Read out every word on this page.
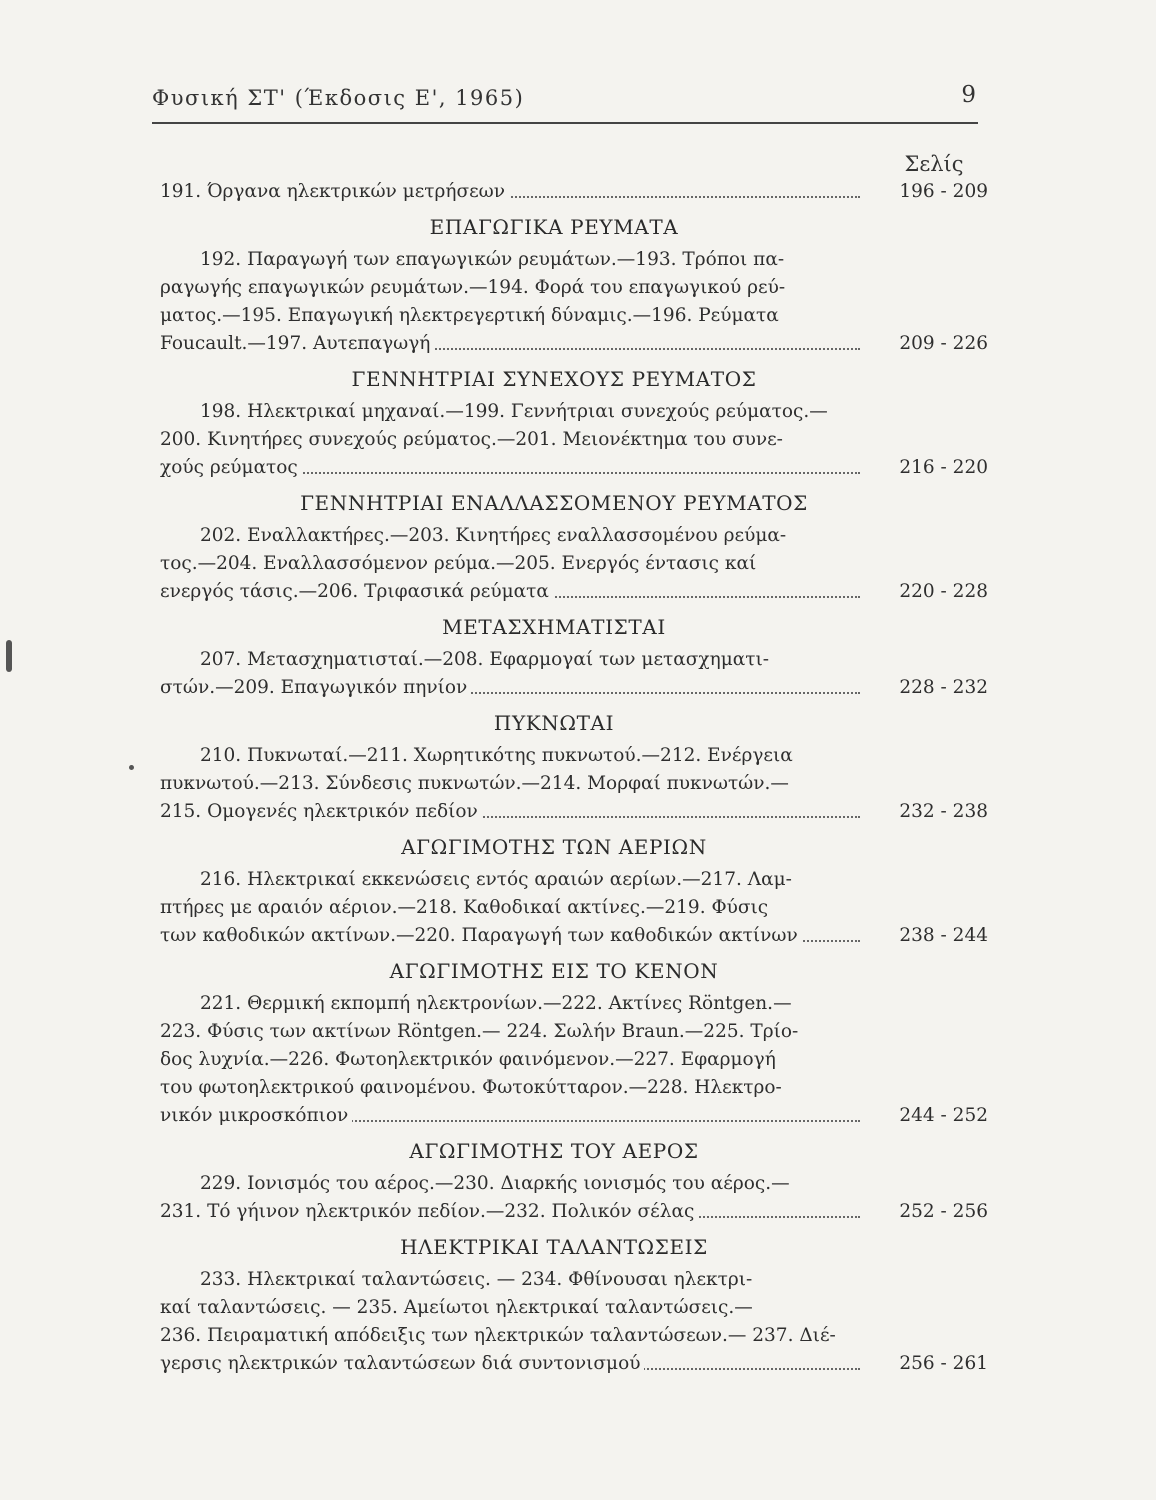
Φυσική ΣΤ' (Έκδοσις Ε', 1965)	9
Σελίς
191. Όργανα ηλεκτρικών μετρήσεων	196 - 209
ΕΠΑΓΩΓΙΚΑ ΡΕΥΜΑΤΑ
192. Παραγωγή των επαγωγικών ρευμάτων.—193. Τρόποι πα-
ραγωγής επαγωγικών ρευμάτων.—194. Φορά του επαγωγικού ρεύ-
ματος.—195. Επαγωγική ηλεκτρεγερτική δύναμις.—196. Ρεύματα
Foucault.—197. Αυτεπαγωγή	209 - 226
ΓΕΝΝΗΤΡΙΑΙ ΣΥΝΕΧΟΥΣ ΡΕΥΜΑΤΟΣ
198. Ηλεκτρικαί μηχαναί.—199. Γεννήτριαι συνεχούς ρεύματος.—
200. Κινητήρες συνεχούς ρεύματος.—201. Μειονέκτημα του συνε-
χούς ρεύματος	216 - 220
ΓΕΝΝΗΤΡΙΑΙ ΕΝΑΛΛΑΣΣΟΜΕΝΟΥ ΡΕΥΜΑΤΟΣ
202. Εναλλακτήρες.—203. Κινητήρες εναλλασσομένου ρεύμα-
τος.—204. Εναλλασσόμενον ρεύμα.—205. Ενεργός έντασις καί
ενεργός τάσις.—206. Τριφασικά ρεύματα	220 - 228
ΜΕΤΑΣΧΗΜΑΤΙΣΤΑΙ
207. Μετασχηματισταί.—208. Εφαρμογαί των μετασχηματι-
στών.—209. Επαγωγικόν πηνίον	228 - 232
ΠΥΚΝΩΤΑΙ
210. Πυκνωταί.—211. Χωρητικότης πυκνωτού.—212. Ενέργεια
πυκνωτού.—213. Σύνδεσις πυκνωτών.—214. Μορφαί πυκνωτών.—
215. Ομογενές ηλεκτρικόν πεδίον	232 - 238
ΑΓΩΓΙΜΟΤΗΣ ΤΩΝ ΑΕΡΙΩΝ
216. Ηλεκτρικαί εκκενώσεις εντός αραιών αερίων.—217. Λαμ-
πτήρες με αραιόν αέριον.—218. Καθοδικαί ακτίνες.—219. Φύσις
των καθοδικών ακτίνων.—220. Παραγωγή των καθοδικών ακτίνων	238 - 244
ΑΓΩΓΙΜΟΤΗΣ ΕΙΣ ΤΟ ΚΕΝΟΝ
221. Θερμική εκπομπή ηλεκτρονίων.—222. Ακτίνες Röntgen.—
223. Φύσις των ακτίνων Röntgen.— 224. Σωλήν Braun.—225. Τρίο-
δος λυχνία.—226. Φωτοηλεκτρικόν φαινόμενον.—227. Εφαρμογή
του φωτοηλεκτρικού φαινομένου. Φωτοκύτταρον.—228. Ηλεκτρο-
νικόν μικροσκόπιον	244 - 252
ΑΓΩΓΙΜΟΤΗΣ ΤΟΥ ΑΕΡΟΣ
229. Ιονισμός του αέρος.—230. Διαρκής ιονισμός του αέρος.—
231. Τό γήινον ηλεκτρικόν πεδίον.—232. Πολικόν σέλας	252 - 256
ΗΛΕΚΤΡΙΚΑΙ ΤΑΛΑΝΤΩΣΕΙΣ
233. Ηλεκτρικαί ταλαντώσεις. — 234. Φθίνουσαι ηλεκτρι-
καί ταλαντώσεις. — 235. Αμείωτοι ηλεκτρικαί ταλαντώσεις.—
236. Πειραματική απόδειξις των ηλεκτρικών ταλαντώσεων.— 237. Διέ-
γερσις ηλεκτρικών ταλαντώσεων διά συντονισμού	256 - 261
